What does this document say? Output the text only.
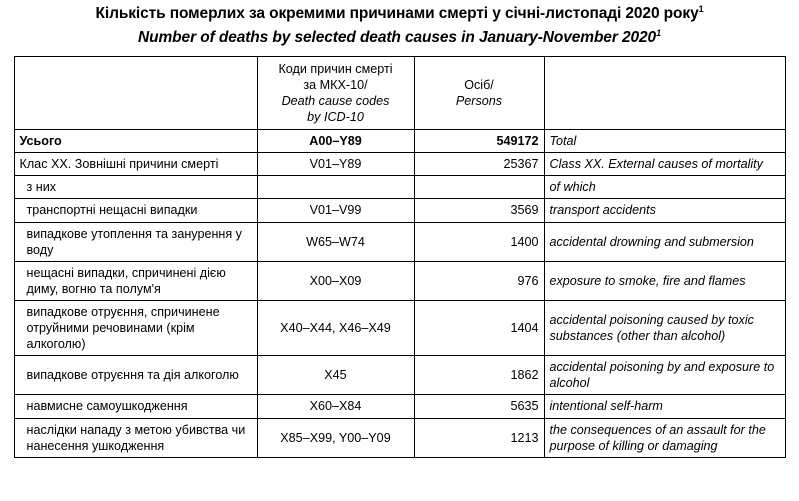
Кількість померлих за окремими причинами смерті у січні-листопаді 2020 року$^1$
Number of deaths by selected death causes in January-November 2020$^1$

	Коди причин смерті
за МКХ-10/
Death cause codes
by ICD-10	Осіб/
Persons	

Усього	A00–Y89	549172	Total
Клас XX. Зовнішні причини смерті	V01–Y89	25367	Class XX. External causes of mortality
з них			of which
транспортні нещасні випадки	V01–V99	3569	transport accidents
випадкове утоплення та занурення у воду	W65–W74	1400	accidental drowning and submersion
нещасні випадки, спричинені дією диму, вогню та полум'я	X00–X09	976	exposure to smoke, fire and flames
випадкове отруєння, спричинене отруйними речовинами (крім алкоголю)	X40–X44, X46–X49	1404	accidental poisoning caused by toxic substances (other than alcohol)
випадкове отруєння та дія алкоголю	X45	1862	accidental poisoning by and exposure to alcohol
навмисне самоушкодження	X60–X84	5635	intentional self-harm
наслідки нападу з метою убивства чи нанесення ушкодження	X85–X99, Y00–Y09	1213	the consequences of an assault for the purpose of killing or damaging
